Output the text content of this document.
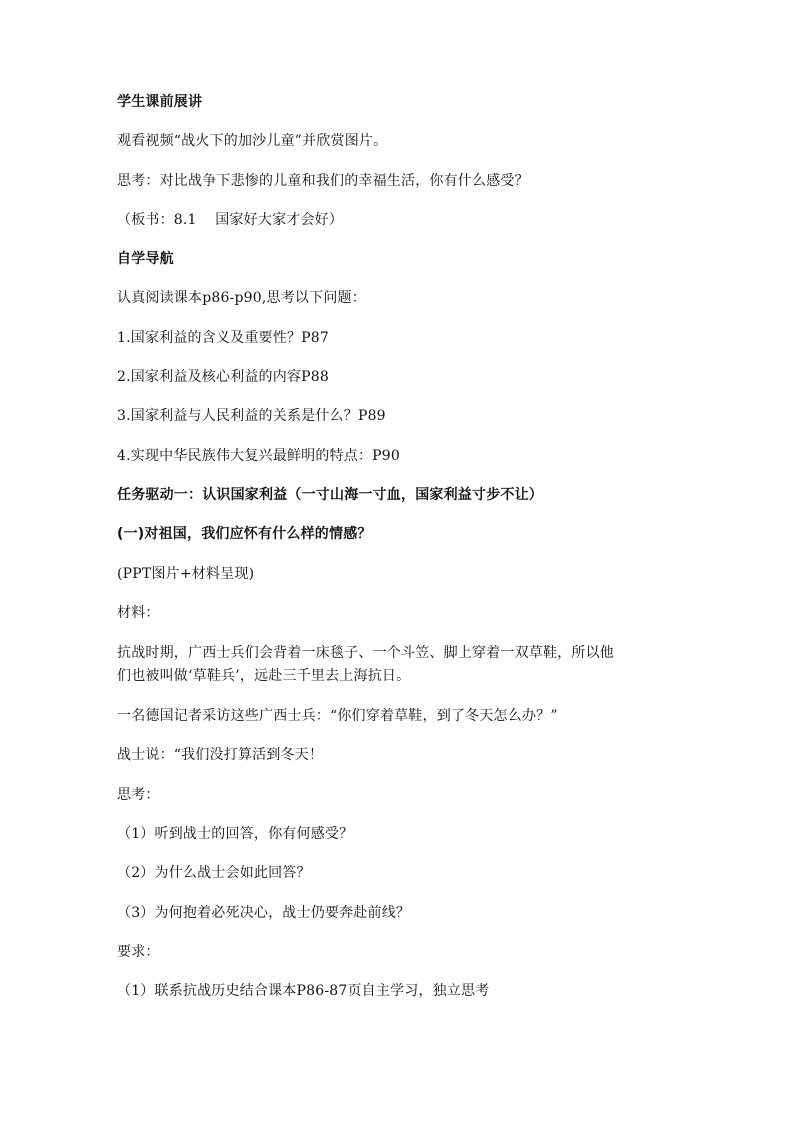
学生课前展讲
观看视频“战火下的加沙儿童”并欣赏图片。
思考：对比战争下悲惨的儿童和我们的幸福生活，你有什么感受？
（板书：8.1    国家好大家才会好）
自学导航
认真阅读课本p86-p90,思考以下问题：
1.国家利益的含义及重要性？P87
2.国家利益及核心利益的内容P88
3.国家利益与人民利益的关系是什么？P89
4.实现中华民族伟大复兴最鲜明的特点：P90
任务驱动一：认识国家利益（一寸山海一寸血，国家利益寸步不让）
(一)对祖国，我们应怀有什么样的情感？
(PPT图片+材料呈现)
材料：
抗战时期，广西士兵们会背着一床毯子、一个斗笠、脚上穿着一双草鞋，所以他
们也被叫做‘草鞋兵’，远赴三千里去上海抗日。
一名德国记者采访这些广西士兵：“你们穿着草鞋，到了冬天怎么办？”
战士说：“我们没打算活到冬天！
思考：
（1）听到战士的回答，你有何感受？
（2）为什么战士会如此回答？
（3）为何抱着必死决心，战士仍要奔赴前线？
要求：
（1）联系抗战历史结合课本P86-87页自主学习，独立思考
